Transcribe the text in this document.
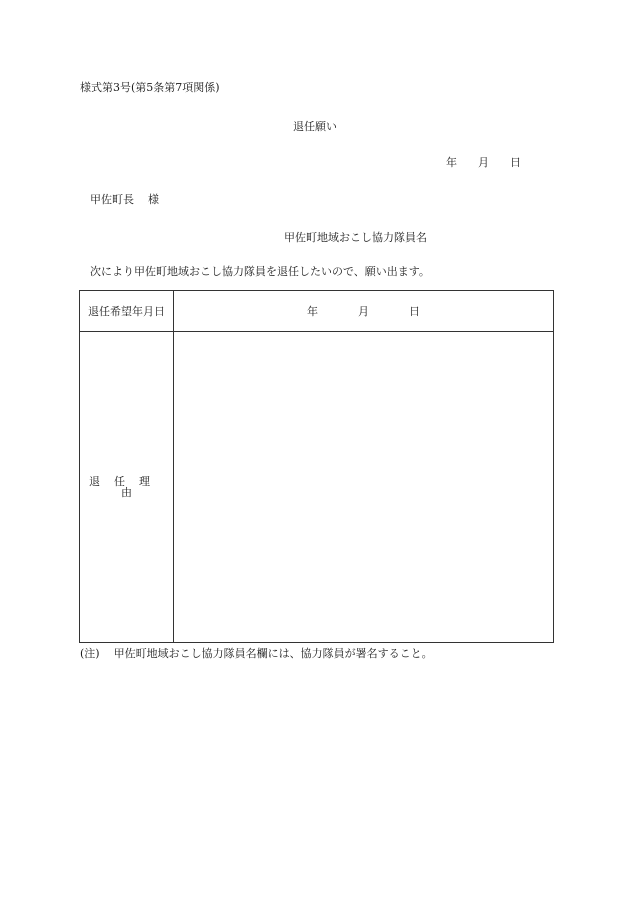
様式第3号(第5条第7項関係)
退任願い
年 月 日
甲佐町長 様
甲佐町地域おこし協力隊員名
次により甲佐町地域おこし協力隊員を退任したいので、願い出ます。
退任希望年月日	年 月 日
退任理由	
(注) 甲佐町地域おこし協力隊員名欄には、協力隊員が署名すること。
